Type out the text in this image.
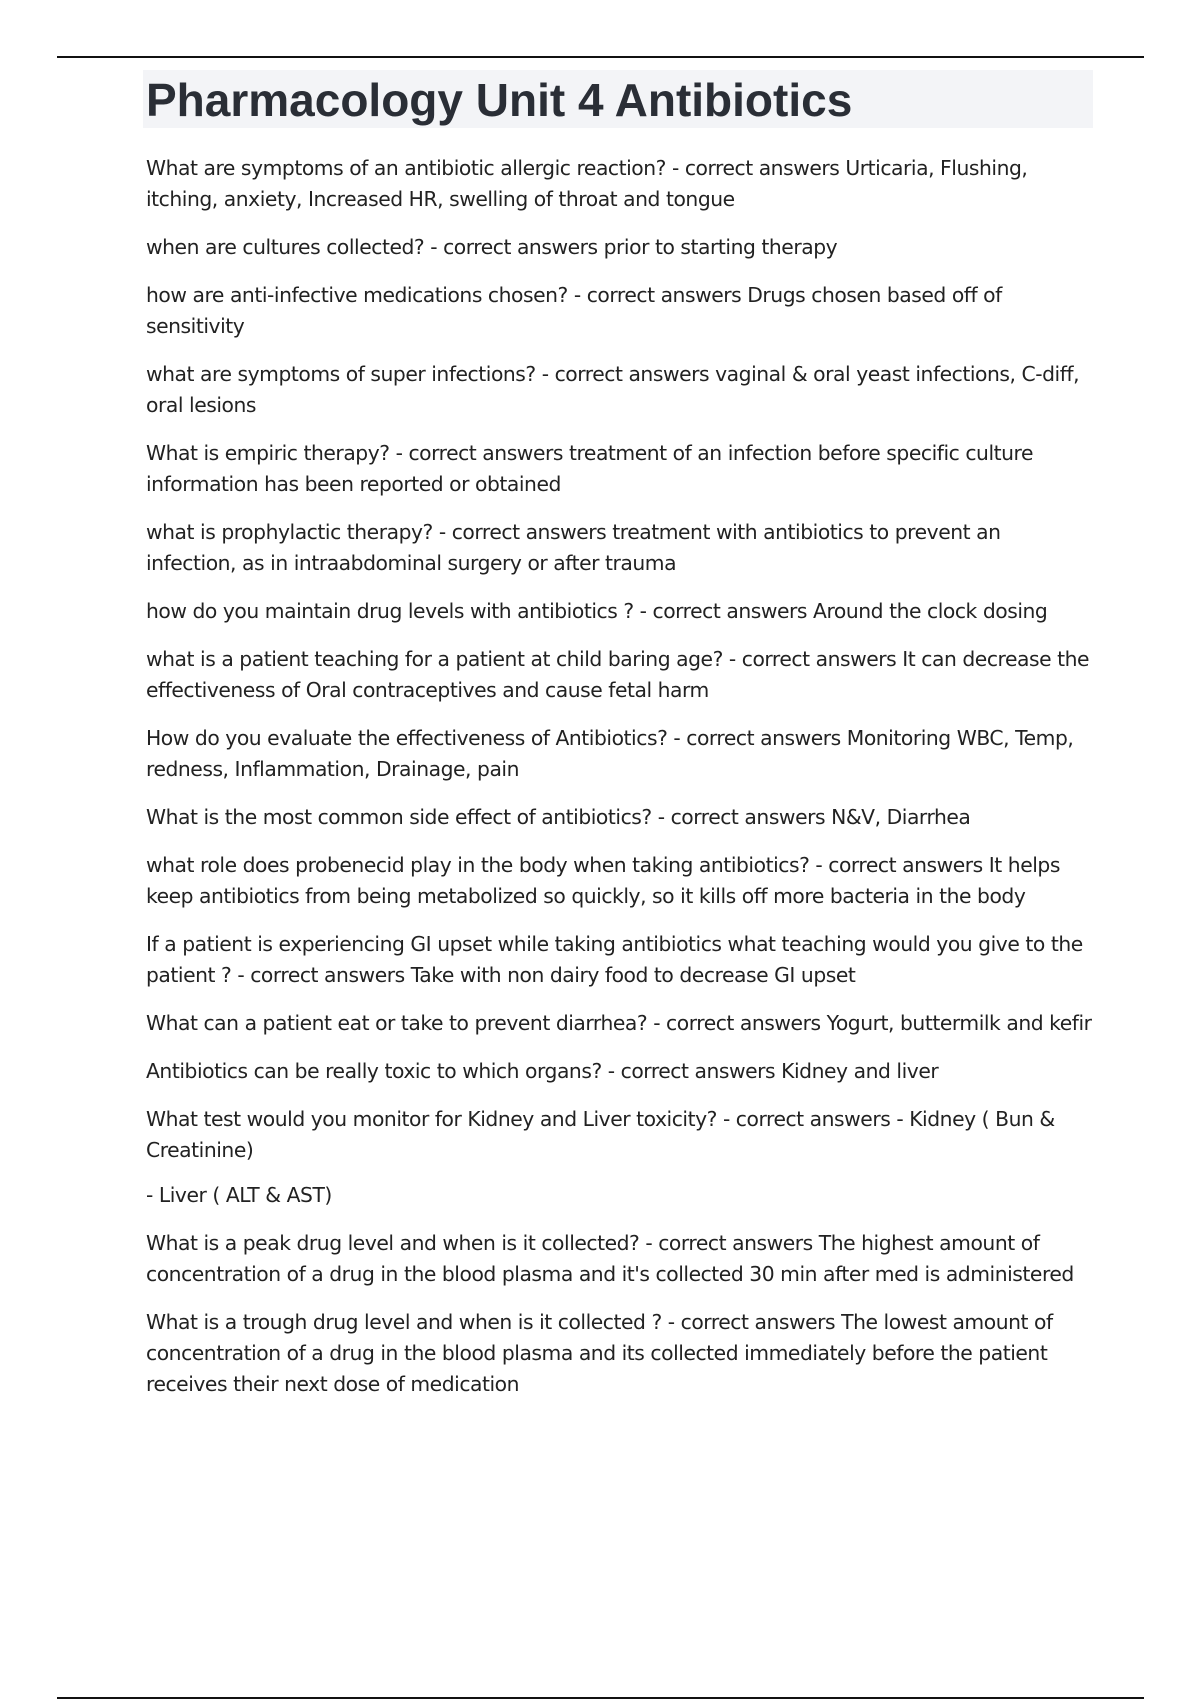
Pharmacology Unit 4 Antibiotics
What are symptoms of an antibiotic allergic reaction? - correct answers Urticaria, Flushing, itching, anxiety, Increased HR, swelling of throat and tongue
when are cultures collected? - correct answers prior to starting therapy
how are anti-infective medications chosen? - correct answers Drugs chosen based off of sensitivity
what are symptoms of super infections? - correct answers vaginal & oral yeast infections, C-diff, oral lesions
What is empiric therapy? - correct answers treatment of an infection before specific culture information has been reported or obtained
what is prophylactic therapy? - correct answers treatment with antibiotics to prevent an infection, as in intraabdominal surgery or after trauma
how do you maintain drug levels with antibiotics ? - correct answers Around the clock dosing
what is a patient teaching for a patient at child baring age? - correct answers It can decrease the effectiveness of Oral contraceptives and cause fetal harm
How do you evaluate the effectiveness of Antibiotics? - correct answers Monitoring WBC, Temp, redness, Inflammation, Drainage, pain
What is the most common side effect of antibiotics? - correct answers N&V, Diarrhea
what role does probenecid play in the body when taking antibiotics? - correct answers It helps keep antibiotics from being metabolized so quickly, so it kills off more bacteria in the body
If a patient is experiencing GI upset while taking antibiotics what teaching would you give to the patient ? - correct answers Take with non dairy food to decrease GI upset
What can a patient eat or take to prevent diarrhea? - correct answers Yogurt, buttermilk and kefir
Antibiotics can be really toxic to which organs? - correct answers Kidney and liver
What test would you monitor for Kidney and Liver toxicity? - correct answers - Kidney ( Bun & Creatinine)
- Liver ( ALT & AST)
What is a peak drug level and when is it collected? - correct answers The highest amount of concentration of a drug in the blood plasma and it's collected 30 min after med is administered
What is a trough drug level and when is it collected ? - correct answers The lowest amount of concentration of a drug in the blood plasma and its collected immediately before the patient receives their next dose of medication
